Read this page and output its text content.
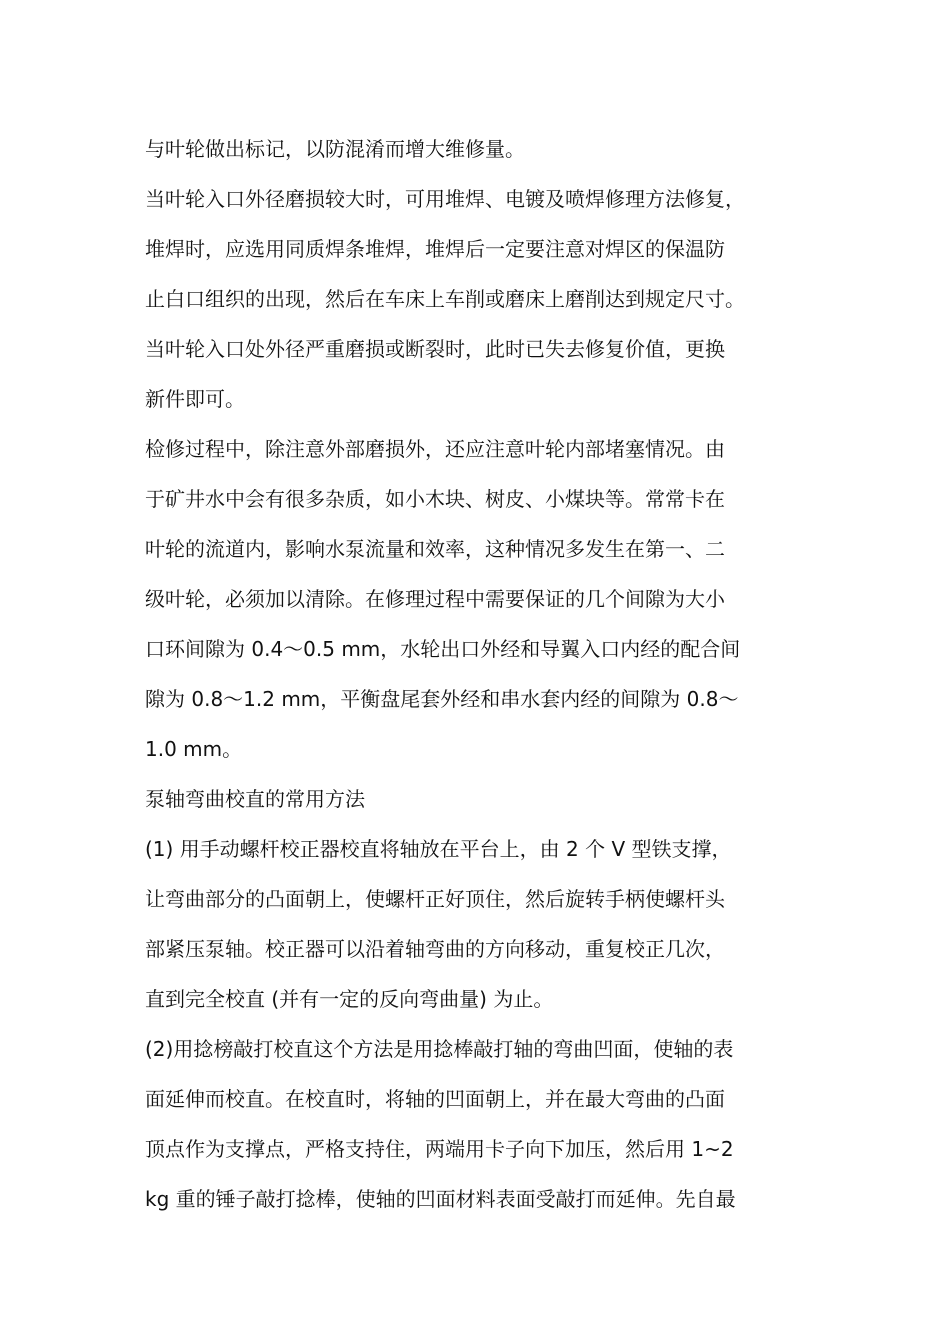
与叶轮做出标记，以防混淆而增大维修量。
当叶轮入口外径磨损较大时，可用堆焊、电镀及喷焊修理方法修复，
堆焊时，应选用同质焊条堆焊，堆焊后一定要注意对焊区的保温防
止白口组织的出现，然后在车床上车削或磨床上磨削达到规定尺寸。
当叶轮入口处外径严重磨损或断裂时，此时已失去修复价值，更换
新件即可。
检修过程中，除注意外部磨损外，还应注意叶轮内部堵塞情况。由
于矿井水中会有很多杂质，如小木块、树皮、小煤块等。常常卡在
叶轮的流道内，影响水泵流量和效率，这种情况多发生在第一、二
级叶轮，必须加以清除。在修理过程中需要保证的几个间隙为大小
口环间隙为 0.4～0.5 mm，水轮出口外经和导翼入口内经的配合间
隙为 0.8～1.2 mm，平衡盘尾套外经和串水套内经的间隙为 0.8～
1.0 mm。
泵轴弯曲校直的常用方法
(1) 用手动螺杆校正器校直将轴放在平台上，由 2 个 V 型铁支撑，
让弯曲部分的凸面朝上，使螺杆正好顶住，然后旋转手柄使螺杆头
部紧压泵轴。校正器可以沿着轴弯曲的方向移动，重复校正几次，
直到完全校直 (并有一定的反向弯曲量) 为止。
(2)用捻榜敲打校直这个方法是用捻棒敲打轴的弯曲凹面，使轴的表
面延伸而校直。在校直时，将轴的凹面朝上，并在最大弯曲的凸面
顶点作为支撑点，严格支持住，两端用卡子向下加压，然后用 1~2
kg 重的锤子敲打捻棒，使轴的凹面材料表面受敲打而延伸。先自最
